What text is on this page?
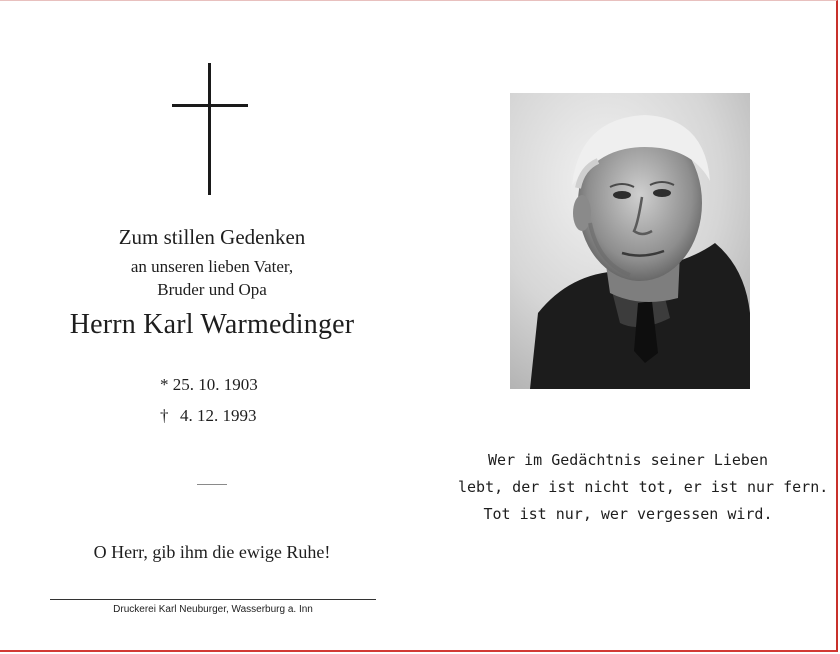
Zum stillen Gedenken
an unseren lieben Vater,
Bruder und Opa
Herrn Karl Warmedinger
* 25. 10. 1903
† 4. 12. 1993
O Herr, gib ihm die ewige Ruhe!
Druckerei Karl Neuburger, Wasserburg a. Inn
Wer im Gedächtnis seiner Lieben
lebt, der ist nicht tot, er ist nur fern.
Tot ist nur, wer vergessen wird.
